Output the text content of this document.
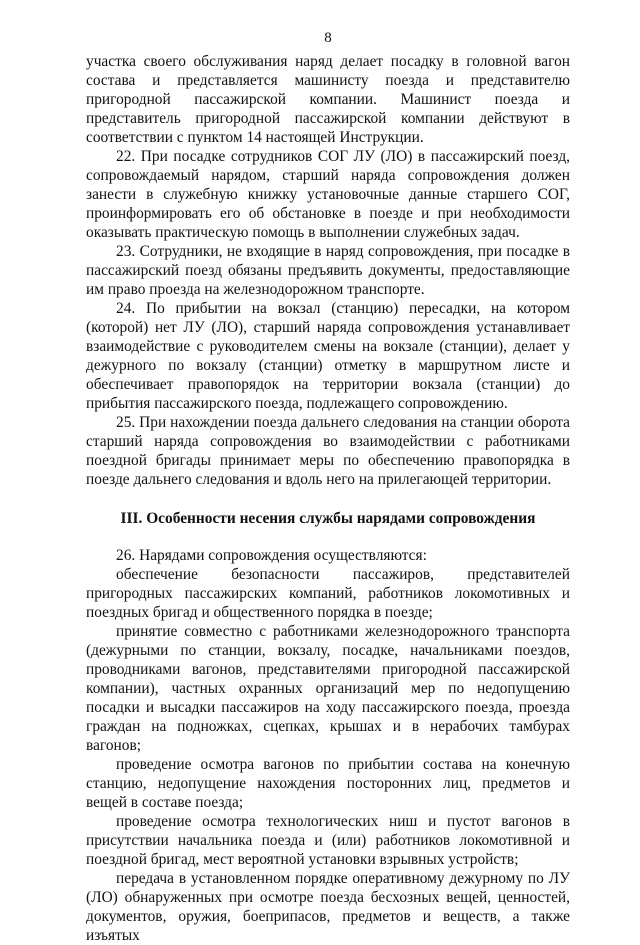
8

участка своего обслуживания наряд делает посадку в головной вагон состава и представляется машинисту поезда и представителю пригородной пассажирской компании. Машинист поезда и представитель пригородной пассажирской компании действуют в соответствии с пунктом 14 настоящей Инструкции.

22. При посадке сотрудников СОГ ЛУ (ЛО) в пассажирский поезд, сопровождаемый нарядом, старший наряда сопровождения должен занести в служебную книжку установочные данные старшего СОГ, проинформировать его об обстановке в поезде и при необходимости оказывать практическую помощь в выполнении служебных задач.

23. Сотрудники, не входящие в наряд сопровождения, при посадке в пассажирский поезд обязаны предъявить документы, предоставляющие им право проезда на железнодорожном транспорте.

24. По прибытии на вокзал (станцию) пересадки, на котором (которой) нет ЛУ (ЛО), старший наряда сопровождения устанавливает взаимодействие с руководителем смены на вокзале (станции), делает у дежурного по вокзалу (станции) отметку в маршрутном листе и обеспечивает правопорядок на территории вокзала (станции) до прибытия пассажирского поезда, подлежащего сопровождению.

25. При нахождении поезда дальнего следования на станции оборота старший наряда сопровождения во взаимодействии с работниками поездной бригады принимает меры по обеспечению правопорядка в поезде дальнего следования и вдоль него на прилегающей территории.

III. Особенности несения службы нарядами сопровождения

26. Нарядами сопровождения осуществляются:

обеспечение безопасности пассажиров, представителей пригородных пассажирских компаний, работников локомотивных и поездных бригад и общественного порядка в поезде;

принятие совместно с работниками железнодорожного транспорта (дежурными по станции, вокзалу, посадке, начальниками поездов, проводниками вагонов, представителями пригородной пассажирской компании), частных охранных организаций мер по недопущению посадки и высадки пассажиров на ходу пассажирского поезда, проезда граждан на подножках, сцепках, крышах и в нерабочих тамбурах вагонов;

проведение осмотра вагонов по прибытии состава на конечную станцию, недопущение нахождения посторонних лиц, предметов и вещей в составе поезда;

проведение осмотра технологических ниш и пустот вагонов в присутствии начальника поезда и (или) работников локомотивной и поездной бригад, мест вероятной установки взрывных устройств;

передача в установленном порядке оперативному дежурному по ЛУ (ЛО) обнаруженных при осмотре поезда бесхозных вещей, ценностей, документов, оружия, боеприпасов, предметов и веществ, а также изъятых
